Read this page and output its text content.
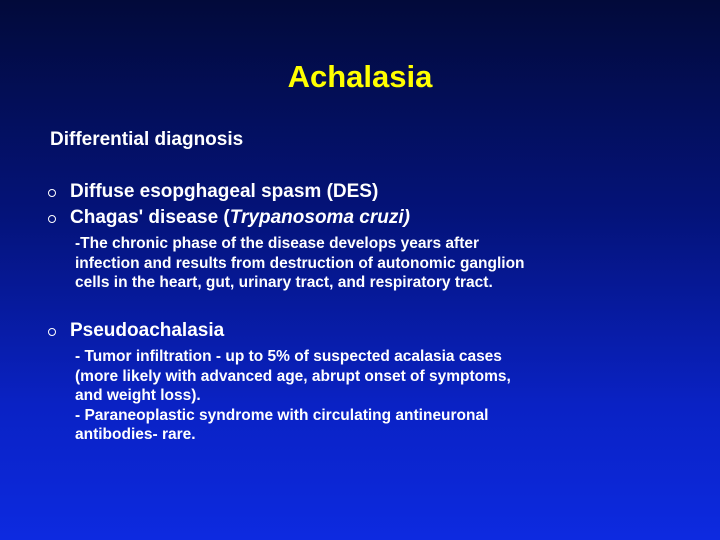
Achalasia

Differential diagnosis

Diffuse esopghageal spasm (DES)
Chagas' disease (Trypanosoma cruzi)
-The chronic phase of the disease develops years after
infection and results from destruction of autonomic ganglion
cells in the heart, gut, urinary tract, and respiratory tract.
Pseudoachalasia
- Tumor infiltration - up to 5% of suspected acalasia cases
(more likely with advanced age, abrupt onset of symptoms,
and weight loss).
- Paraneoplastic syndrome with circulating antineuronal
antibodies- rare.
